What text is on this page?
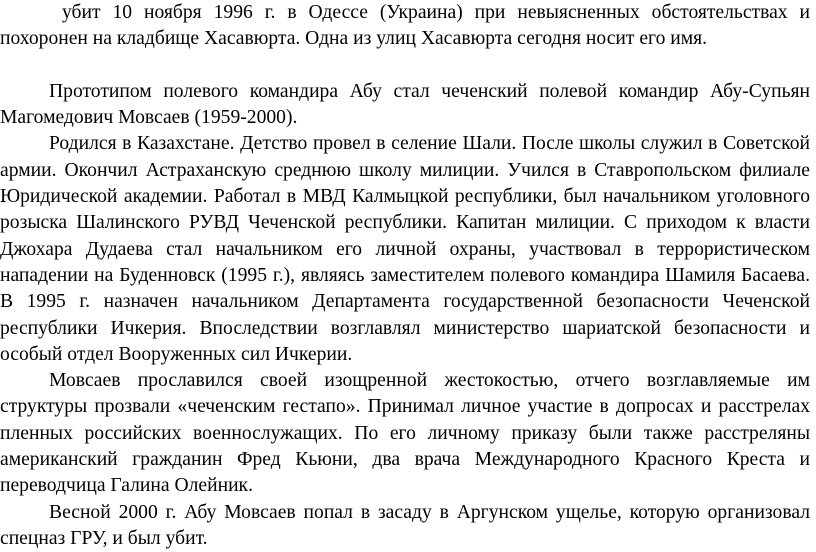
убит 10 ноября 1996 г. в Одессе (Украина) при невыясненных обстоятельствах и похоронен на кладбище Хасавюрта. Одна из улиц Хасавюрта сегодня носит его имя.

Прототипом полевого командира Абу стал чеченский полевой командир Абу-Супьян Магомедович Мовсаев (1959-2000).

Родился в Казахстане. Детство провел в селение Шали. После школы служил в Советской армии. Окончил Астраханскую среднюю школу милиции. Учился в Ставропольском филиале Юридической академии. Работал в МВД Калмыцкой республики, был начальником уголовного розыска Шалинского РУВД Чеченской республики. Капитан милиции. С приходом к власти Джохара Дудаева стал начальником его личной охраны, участвовал в террористическом нападении на Буденновск (1995 г.), являясь заместителем полевого командира Шамиля Басаева. В 1995 г. назначен начальником Департамента государственной безопасности Чеченской республики Ичкерия. Впоследствии возглавлял министерство шариатской безопасности и особый отдел Вооруженных сил Ичкерии.

Мовсаев прославился своей изощренной жестокостью, отчего возглавляемые им структуры прозвали «чеченским гестапо». Принимал личное участие в допросах и расстрелах пленных российских военнослужащих. По его личному приказу были также расстреляны американский гражданин Фред Кьюни, два врача Международного Красного Креста и переводчица Галина Олейник.

Весной 2000 г. Абу Мовсаев попал в засаду в Аргунском ущелье, которую организовал спецназ ГРУ, и был убит.
